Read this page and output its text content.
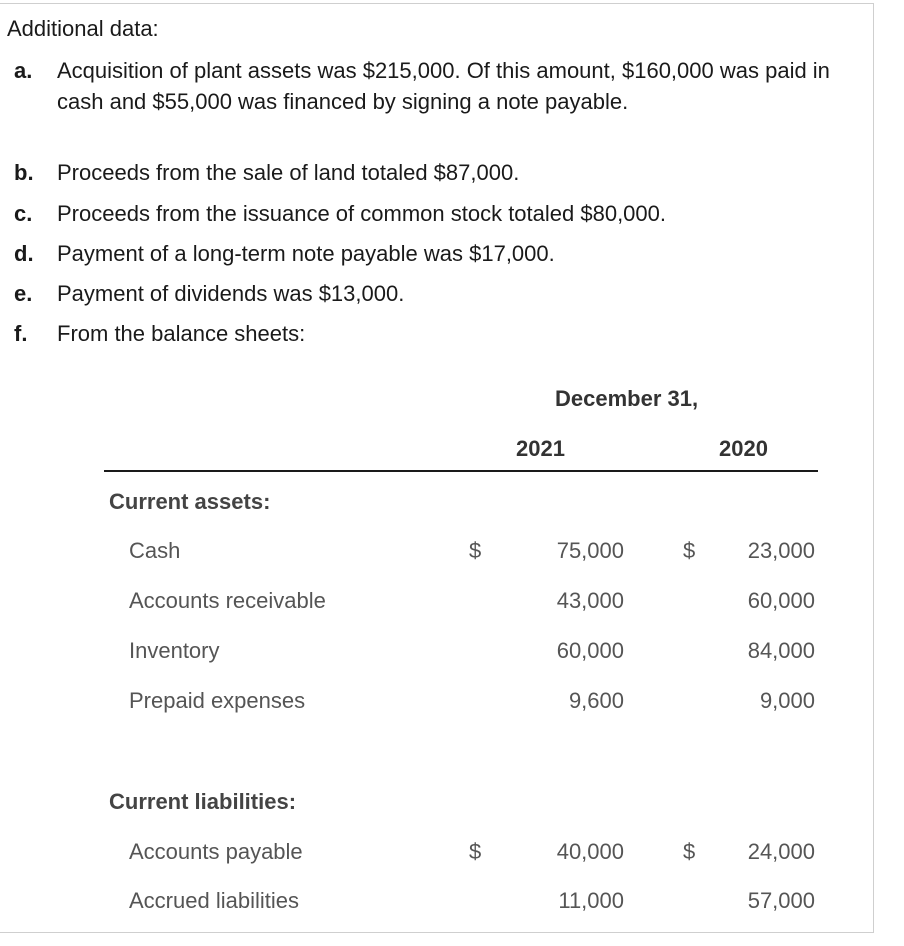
Additional data:
a. Acquisition of plant assets was $215,000. Of this amount, $160,000 was paid in cash and $55,000 was financed by signing a note payable.
b. Proceeds from the sale of land totaled $87,000.
c. Proceeds from the issuance of common stock totaled $80,000.
d. Payment of a long-term note payable was $17,000.
e. Payment of dividends was $13,000.
f. From the balance sheets:
December 31,
2021	2020
Current assets:
Cash	$	75,000	$ 23,000
Accounts receivable	43,000	60,000
Inventory	60,000	84,000
Prepaid expenses	9,600	9,000
Current liabilities:
Accounts payable	$	40,000	$ 24,000
Accrued liabilities	11,000	57,000
